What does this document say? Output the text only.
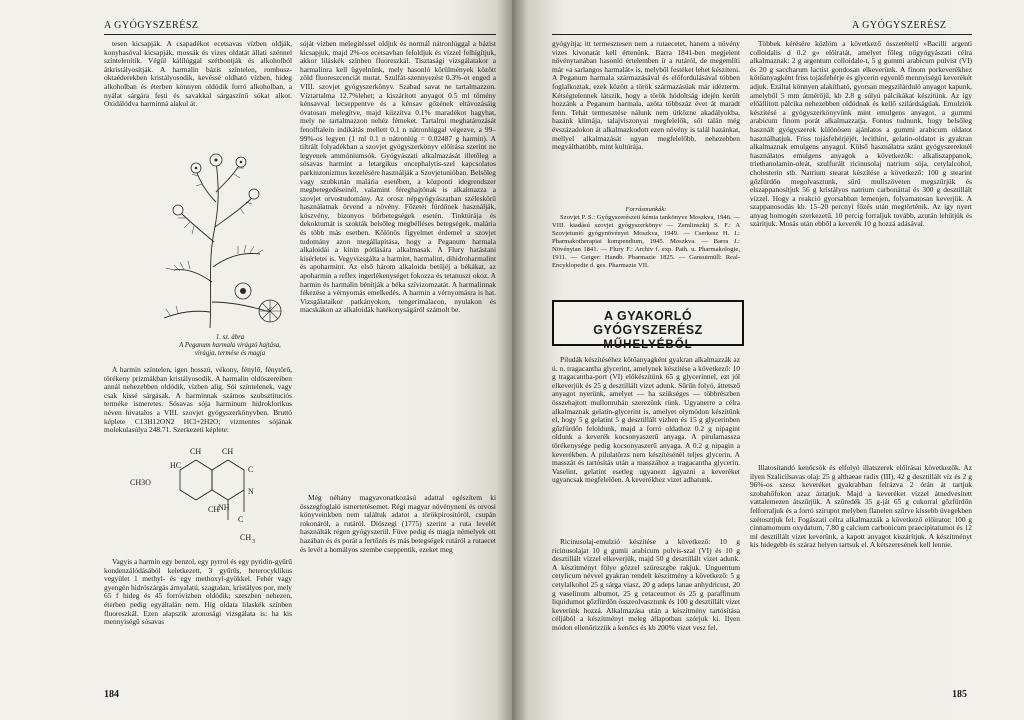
A GYÓGYSZERÉSZ

tesen kicsapják. A csapadékot ecetsavas vízben oldják, konyhasóval kicsapják, mossák és vizes oldatát állati szénnel színtelenítik. Végül kálilúggal szétbontják és alkoholból átkristályosítják. A harmalin bázis színtelen, rombusz-oktaéderekben kristályosodik, kevéssé oldható vízben, hideg alkoholban és éterben könnyen oldódik forró alkoholban, a nyálat sárgára festi és savakkal sárgaszínű sókat alkot. Oxidálódva harminná alakul át.

1. sz. ábra
A Peganum harmala virágzó hajtása, virágja, termése és magja

A harmin színtelen, igen hosszú, vékony, fénylő, fénytörő, törékeny prizmákban kristályosodik. A harmalin oldószereiben annál nehezebben oldódik, vízben alig. Sói színtelenek, vagy csak kissé sárgásak. A harminnak számos szubsztituciós terméke ismeretes. Sósavas sója harminum hidroklorikus néven hivatalos a VIII. szovjet gyógyszerkönyvben. Bruttó képlete C13H12ON2 HCl+2H2O; vizmentes sójának molekulasúlya 248.71. Szerkezeti képlete:

CH	CH
HC	C
CH
NH
N
C
CH 3
CH3O

Vagyis a harmin egy benzol, egy pyrrol és egy pyridin-gyűrű kondenzálódásából keletkezett, 3 gyűrűs, heterocyklikus vegyület 1 methyl- és egy methoxyl-gyökkel. Fehér vagy gyengén hidrószárgás árnyalatú, szagtalan, kristályos por, mely 65 f hideg és 45 forróvízben oldódik; szeszben nehezen, éterben pedig egyáltalán nem. Híg oldata lilaskék színben fluoreszkál. Ezen alapszik azonosági vizsgálata is: ha kis mennyiségű sósavas

sóját vízben melegítéssel oldjuk és normál nátronlúggal a bázist kicsapjuk, majd 2%-os ecetsavban feloldjuk és vízzel felhígítjuk, akkor liláskék színben fluoreszkál. Tisztasági vizsgálatakor a harmalinra kell ügyelnünk, mely hasonló körülmények között zöld fluoreszcenciát mutat. Szulfát-szennyezést 0.3%-ot enged a VIII. szovjet gyógyszerkönyv. Szabad savat ne tartalmazzon. Víztartalma 12.7%lehet; a kiszárított anyagot 0.5 ml tömény kénsavval lecseppentve és a kénsav gőzének eltávozásáig óvatosan melegítve, majd kiizzítva 0.1% maradékot hagyhat, mely ne tartalmazzon nehéz fémeket. Tartalmi meghatározását fenolftalein indikátás mellett 0.1 n nátronlúggal végezve, a 99–99%-os legyen (1 ml 0.1 n nátronlúg = 0.02487 g harmin). A tiltrált folyadékban a szovjet gyógyszerkönyv előírása szerint ne legyenek ammóniumsók. Gyógyászati alkalmazását illetőleg a sósavas harmint a letargikus encephalytis-szel kapcsolatos parkinzonizmus kezelésére használják a Szovjetunióban. Belsőleg vagy szubkután malária esetében, a központi idegrendszer megbetegedéseinél, valamint féreghajtónak is alkalmazza a szovjet orvostudomány. Az orosz népgyógyászatban széleskörű használatnak örvend a növény. Főzetét fürdőnek használják, köszvény, bizonyos bőrbetegségek esetén. Tinktúrája és dekoktumát is szokták belsőleg megbélléses betegségek, malária és több más esetben. Kölönös figyelmet érdemel a szovjet tudomány azon megállapítása, hogy a Peganum harmala alkaloidái a kinin pótlására alkalmasak. A Flury hatástani kísérletei is. Vegyvizsgálta a harmint, harmalint, dihidroharmalint és apoharmint. Az első három alkaloida betűjéj a békákat, az apoharmin a reflex ingerlékenységet fokozza és tetanuszt okoz. A harmin és harmalin bénítják a béka szívizomzatát. A harmalinnak fékezése a vérnyomás emelkedés. A harmin a vérnyomásra is hat. Vizsgálataikor patkányokon, tengerimalacon, nyulakon és macskákon az alkaloidák hatékonyságáról számolt be.

Még néhány magyavonatkozású adattal egészítem ki összegfoglaló ismertetésemet. Régi magyar növényneni és orvosi könyveinkben nem találtuk adatot a törökpirositóról, csupán rokonáról, a rutáról. Diószegi (1775) szerint a ruta levelét használták régen gyógyszerül. Füve pedig és magja némelyek ott hazában és és porát a fertőzés és más betegségek rutáról a rutaecet és levét a homályos szembe cseppentik, ezeket meg

184
A GYÓGYSZERÉSZ

gyógyítja; itt termesztesen nem a rutaecetet, hanem a növény vizes kivonatát kell értenünk. Barra 1841-ben megjelent növénytanában hasonló értelemben ír a rutáról, de megemlíti már »a sarlangos harmalát« is, melyből festéket lehet készíteni. A Peganum harmala származásával és előfordulásával többen foglalkoztak, ezek között a török származásúak már idézterm. Kétségtelennek látszik, hogy a török hódoltság idején került hozzánk a Peganum harmala, azóta többszáz évet át maradt fenn. Tehát termesztése nálunk nem ütközne akadályokba, hazánk klímája, talajviszonyai megfelelők, sőt talán még évszázadokon át alkalmazkodott ezen növény is talál hazánkat, mellyel alkalmazását ugyan megfelelőbb, nehezebben megválthatóbb, mint kultúrája.

Forrásmunkák:

Szovjet P. S.: Gyógyszerészeti kémia tankönyve Moszkva, 1946. — VIII. kiadású szovjet gyógyszerkönyv — Zemlinszkij S. F.: A Szovjetunió gyógynövényei Moszkva, 1949. — Cserkesz H. J.: Pharmakotherapiai kompendium, 1945. Moszkva. — Barra J.: Növénytan 1841. — Flury F.: Archiv f. exp. Path. u. Pharmakologie, 1911. — Geiger: Handb. Pharmazie 1825. — Gansuimüll: Real-Encyklopedie d. ges. Pharmazie VII.

A GYAKORLÓ GYÓGYSZERÉSZ
MŰHELYÉBŐL

Piludák készítéséhez kötőanyagként gyakran alkalmazzák az ú. n. tragacantha glycerint, amelynek készítése a következő: 10 g tragacantha-port (VI) előkészítünk 65 g glycerinnel, ezt jól elkeverjük és 25 g desztillált vizet adunk. Sűrűn folyó, áttetsző anyagot nyerünk, amelyet — ha szükséges — többrészben összehajtott mullonruhán szerezünk rünk. Ugyanerre a célra alkalmaznak gelatin-glycerint is, amelyet olymódon készítünk el, hogy 5 g gelatint 5 g desztillált vízben és 15 g glycerinben gőzfürdőn feloldunk, majd a forró oldathoz 0.2 g nipagint oldunk a keverék kocsonyaszerű anyaga. A pirulamassza törékenysége pedig kocsonyaszerű anyaga. A 0.2 g nipagin a keverékben. A pilulatörzs nem készítésénél teljes glycerin. A masszát és tartósítás után a masszához a tragacantha glycerin. Vaselint, gelatint esetleg ugyanezt ágyazni a keveréket ugyancsak megfelelően. A keverékhez vizet adhatunk.

Ricinusolaj-emulzió készítése a következő: 10 g ricinusolajat 10 g gumii arabicum pulvis-szal (VI) és 10 g desztillált vízzel elkeverjük, majd 50 g desztillált vizet adunk. A készítményt fölye gőzzel szüreszgbe rakjuk. Unguentum cetylicum névvel gyakran rendelt készítmény a következő: 5 g cetylalkohol 25 g sárga viasz, 20 g adeps lanae anhydricust, 20 g vaselinum albumot, 25 g cetaceumot és 25 g paraffinum liquidumot gőzfürdőn összeolvasztunk és 100 g desztillált vizet keverünk hozzá. Alkalmazása után a készítmény tartósítása céljából a készítményt meleg állapotban szórjuk ki. Ilyen módon ellenőrizzük a kenőcs és kb 200% vizet vesz fel.

Többek kérésére közlöm a következő összetételű »Bacilli argenti colloidalis d 0.2 g« előiratát, amelyet főleg nőgyógyászati célra alkalmaznak: 2 g argentum colloidale-t, 5 g gummi arabicum pulvist (VI) és 20 g saccharum lactist gondosan elkeverünk. A finom porkeverékhez kötőanyagként friss tojásfehérje és glycerin egyenlő mennyiségű keverékét adjuk. Ezáltal könnyen alakítható, gyorsan megszilárduló anyagot kapunk, amelyből 5 mm átmérőjű, kb 2.8 g súlyú pálcikákat készítünk. Az így előállított pálcika nehezebben oldódnak és kellő szilárdságúak. Emulziók készítésé a gyógyszerkönyvünk mint emulgens anyagot, a gummi arabicum finom porát alkalmazzatja. Fontos tudnunk, hogy belsőleg használt gyógyszerek különösen ajánlatos a gummi arabicum oldatot használhatjuk. Friss tojásfehérjéjét, lecithint, gelatin-oldatot is gyakran alkalmaznak emulgens anyagul. Külső használatra szánt gyógyszereknél használatos emulgens anyagok a következők: alkaliszappanok, triethanolamin-oleát, szulfurált ricinusolaj natrium sója, cetylalcohol, cholesterin stb. Natrium stearat készítése a következő: 100 g stearint gőzfürdőn megolvasztunk, sűrű mullszöveten megszűrjük és elszappanosítjuk 56 g kristályos natrium carbonáttal és 300 g desztillált vízzel. Hogy a reakció gyorsabban lemenjen, folyamatosan keverjük. A szappanosodás kb. 15–20 percnyi főzés után megtörténik. Az így nyert anyag homogén szerkezetű. 10 percig forraljuk tovább, azután lehűtjük és szárítjuk. Mosás után ebből a keverék 10 g hozzá adásával.

Illatosítandó kenőcsök és elfolyó illatszerek előírásai következők. Az ilyen Szalicilsavas olaj: 25 g althaeae radix (III), 42 g desztillált víz és 2 g 96%-os szesz keveréket gyakrabban felrázva 2 órán át tartjuk szobahőfokon azaz áztatjuk. Majd a keveréket vízzel átnedvesített vattalemezen átszűrjük. A szűredék 35 g-ját 65 g cukorral gőzfürdőn felforraljuk és a forró szirupot melyben flanelen szűrve kissebb üvegekben szétosztjuk fel. Fogászati célra alkalmazzák a következő előiratot: 100 g cinnamomum oxydatum, 7.80 g calcium carbonicum praecipitatumot és 12 ml desztillált vizet keverünk, a kapott anyagot kiszárítjuk. A készítményt kis hidegebb és száraz helyen tartsuk el. A kétszeresének kell lennie.

185
